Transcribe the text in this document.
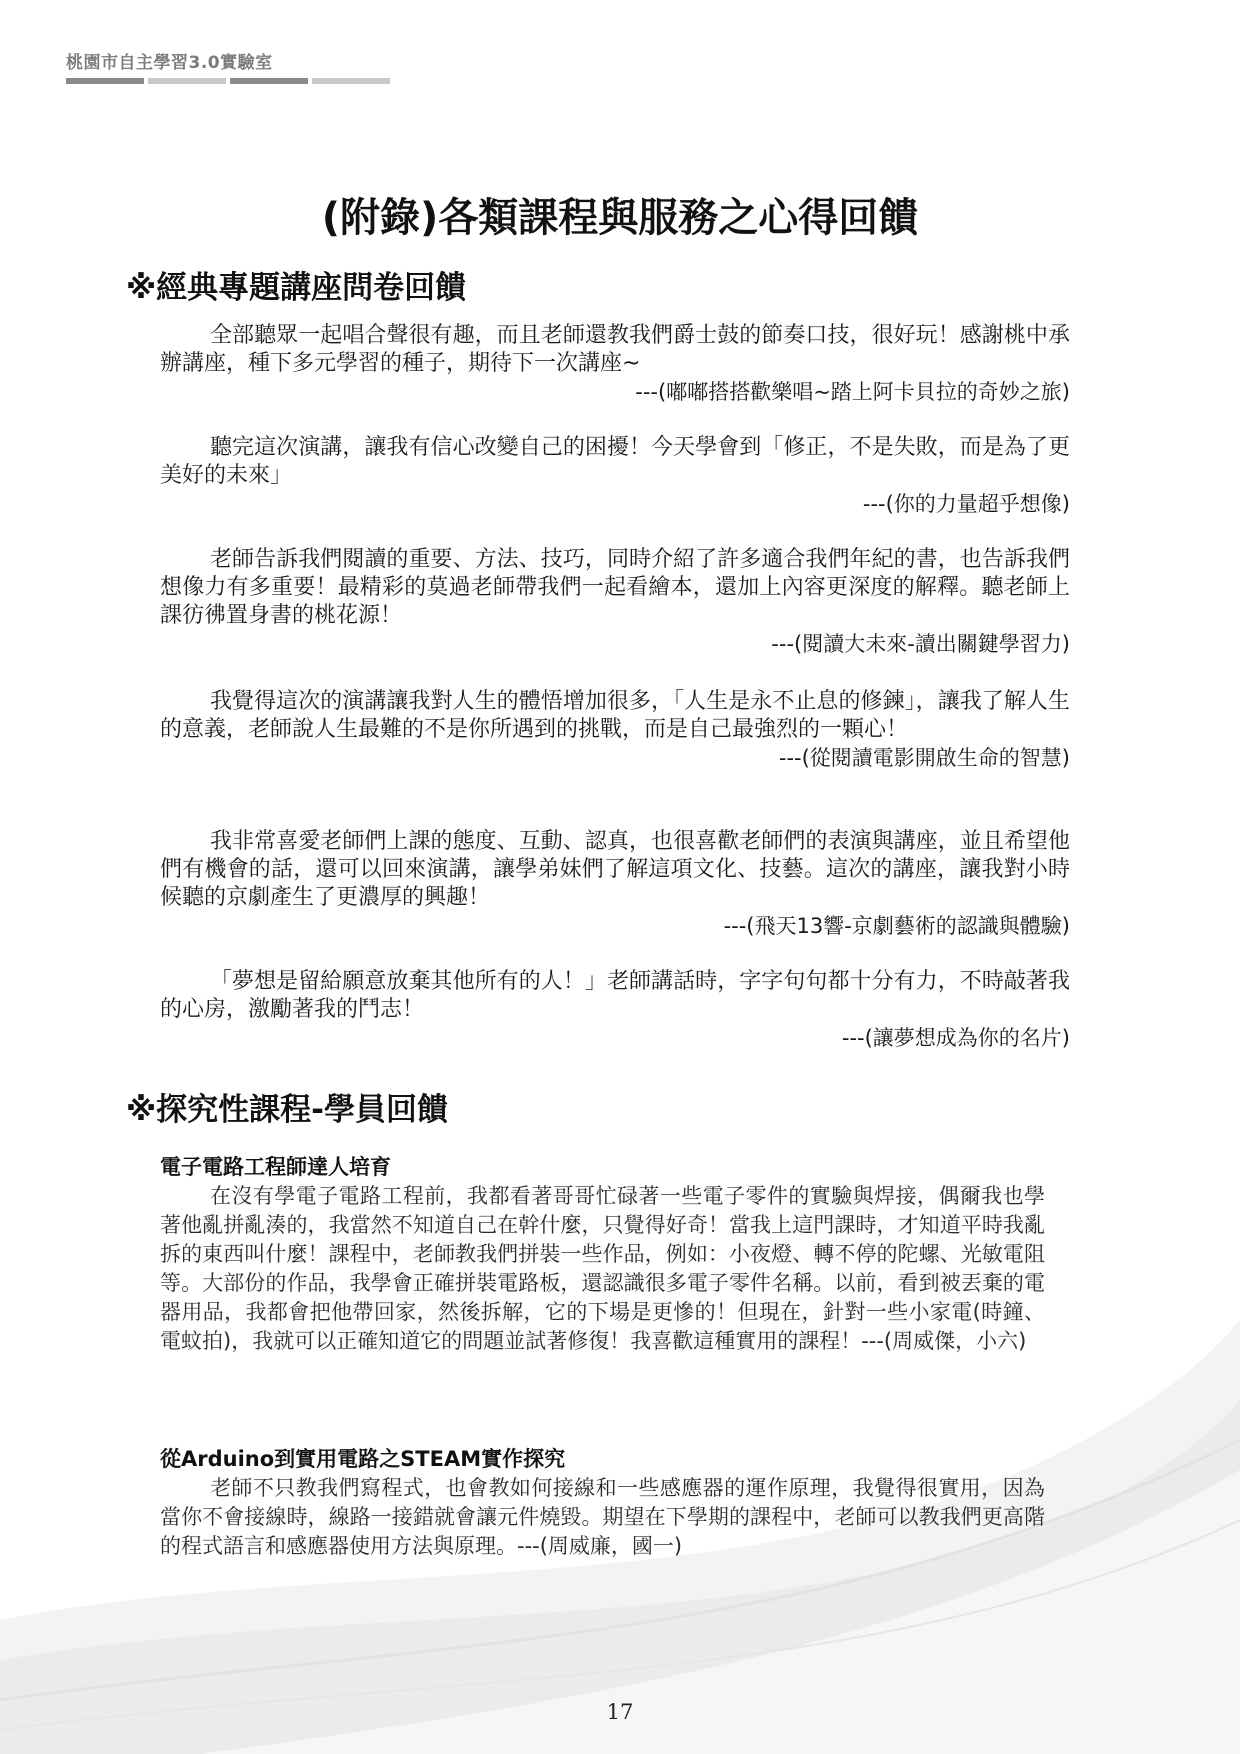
桃園市自主學習3.0實驗室
(附錄)各類課程與服務之心得回饋
※經典專題講座問卷回饋

全部聽眾一起唱合聲很有趣，而且老師還教我們爵士鼓的節奏口技，很好玩！感謝桃中承辦講座，種下多元學習的種子，期待下一次講座~

---(嘟嘟搭搭歡樂唱~踏上阿卡貝拉的奇妙之旅)

聽完這次演講，讓我有信心改變自己的困擾！今天學會到「修正，不是失敗，而是為了更美好的未來」

---(你的力量超乎想像)

老師告訴我們閱讀的重要、方法、技巧，同時介紹了許多適合我們年紀的書，也告訴我們想像力有多重要！最精彩的莫過老師帶我們一起看繪本，還加上內容更深度的解釋。聽老師上課彷彿置身書的桃花源！

---(閱讀大未來-讀出關鍵學習力)

我覺得這次的演講讓我對人生的體悟增加很多，「人生是永不止息的修鍊」，讓我了解人生的意義，老師說人生最難的不是你所遇到的挑戰，而是自己最強烈的一顆心！

---(從閱讀電影開啟生命的智慧)

我非常喜愛老師們上課的態度、互動、認真，也很喜歡老師們的表演與講座，並且希望他們有機會的話，還可以回來演講，讓學弟妹們了解這項文化、技藝。這次的講座，讓我對小時候聽的京劇產生了更濃厚的興趣！

---(飛天13響-京劇藝術的認識與體驗)

「夢想是留給願意放棄其他所有的人！」老師講話時，字字句句都十分有力，不時敲著我的心房，激勵著我的鬥志！

---(讓夢想成為你的名片)
※探究性課程-學員回饋
電子電路工程師達人培育

在沒有學電子電路工程前，我都看著哥哥忙碌著一些電子零件的實驗與焊接，偶爾我也學著他亂拼亂湊的，我當然不知道自己在幹什麼，只覺得好奇！當我上這門課時，才知道平時我亂拆的東西叫什麼！課程中，老師教我們拼裝一些作品，例如：小夜燈、轉不停的陀螺、光敏電阻等。大部份的作品，我學會正確拼裝電路板，還認識很多電子零件名稱。以前，看到被丟棄的電器用品，我都會把他帶回家，然後拆解，它的下場是更慘的！但現在，針對一些小家電(時鐘、電蚊拍)，我就可以正確知道它的問題並試著修復！我喜歡這種實用的課程！---(周威傑，小六)

從Arduino到實用電路之STEAM實作探究

老師不只教我們寫程式，也會教如何接線和一些感應器的運作原理，我覺得很實用，因為當你不會接線時，線路一接錯就會讓元件燒毀。期望在下學期的課程中，老師可以教我們更高階的程式語言和感應器使用方法與原理。---(周威廉，國一)

17
